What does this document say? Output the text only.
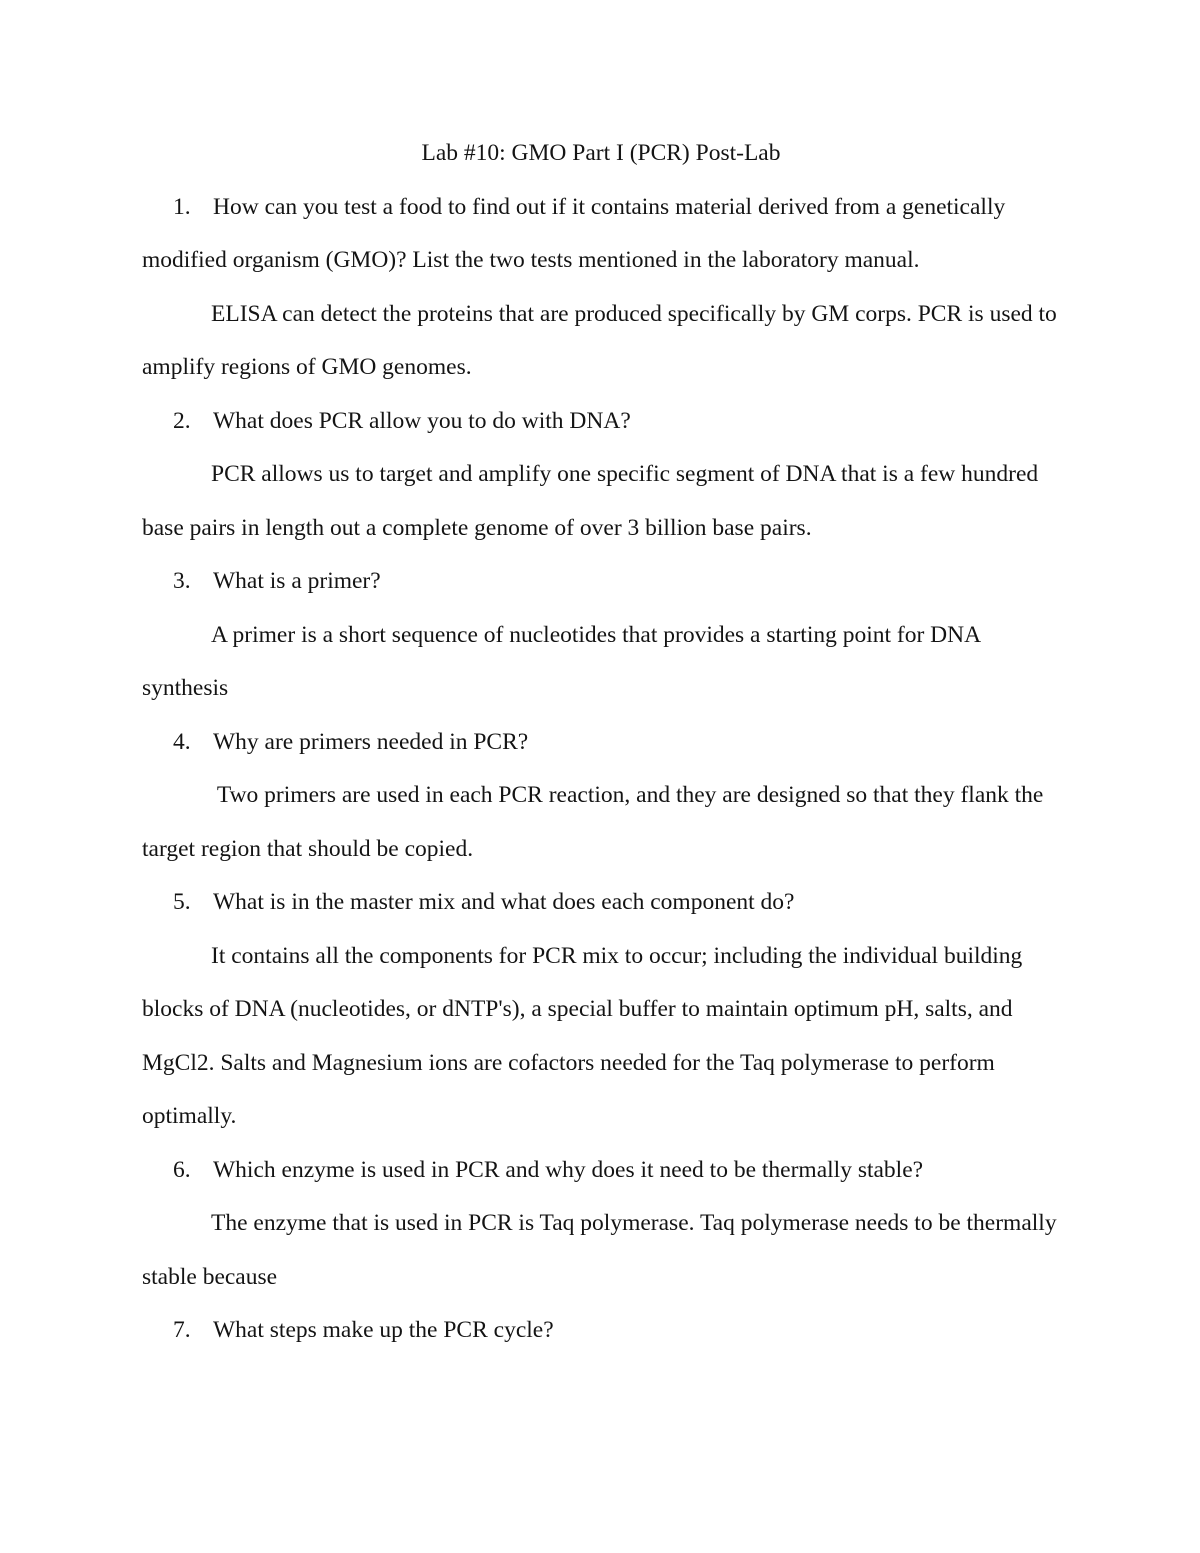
Lab #10: GMO Part I (PCR) Post-Lab

1. How can you test a food to find out if it contains material derived from a genetically modified organism (GMO)? List the two tests mentioned in the laboratory manual.

ELISA can detect the proteins that are produced specifically by GM corps. PCR is used to amplify regions of GMO genomes.

2. What does PCR allow you to do with DNA?

PCR allows us to target and amplify one specific segment of DNA that is a few hundred base pairs in length out a complete genome of over 3 billion base pairs.

3. What is a primer?

A primer is a short sequence of nucleotides that provides a starting point for DNA synthesis

4. Why are primers needed in PCR?

Two primers are used in each PCR reaction, and they are designed so that they flank the target region that should be copied.

5. What is in the master mix and what does each component do?

It contains all the components for PCR mix to occur; including the individual building blocks of DNA (nucleotides, or dNTP's), a special buffer to maintain optimum pH, salts, and MgCl2. Salts and Magnesium ions are cofactors needed for the Taq polymerase to perform optimally.

6. Which enzyme is used in PCR and why does it need to be thermally stable?

The enzyme that is used in PCR is Taq polymerase. Taq polymerase needs to be thermally stable because

7. What steps make up the PCR cycle?
